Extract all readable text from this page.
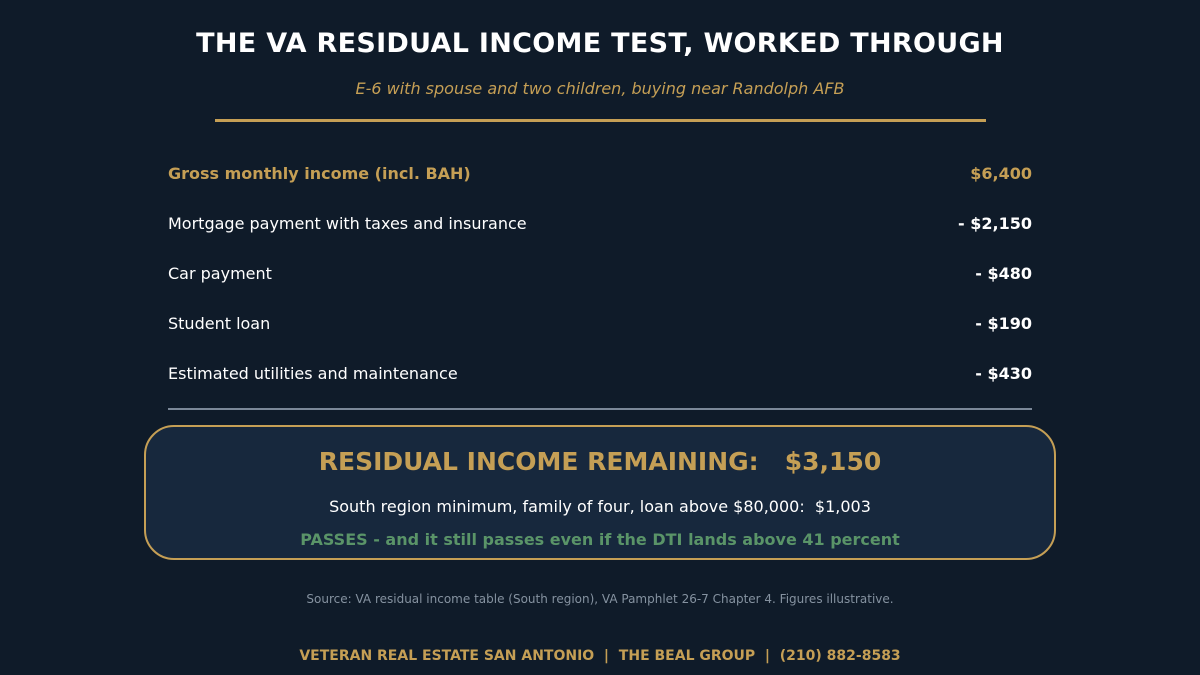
THE VA RESIDUAL INCOME TEST, WORKED THROUGH
E-6 with spouse and two children, buying near Randolph AFB
Gross monthly income (incl. BAH)	$6,400
Mortgage payment with taxes and insurance	- $2,150
Car payment	- $480
Student loan	- $190
Estimated utilities and maintenance	- $430
RESIDUAL INCOME REMAINING:   $3,150
South region minimum, family of four, loan above $80,000:  $1,003
PASSES - and it still passes even if the DTI lands above 41 percent
Source: VA residual income table (South region), VA Pamphlet 26-7 Chapter 4. Figures illustrative.
VETERAN REAL ESTATE SAN ANTONIO  |  THE BEAL GROUP  |  (210) 882-8583
